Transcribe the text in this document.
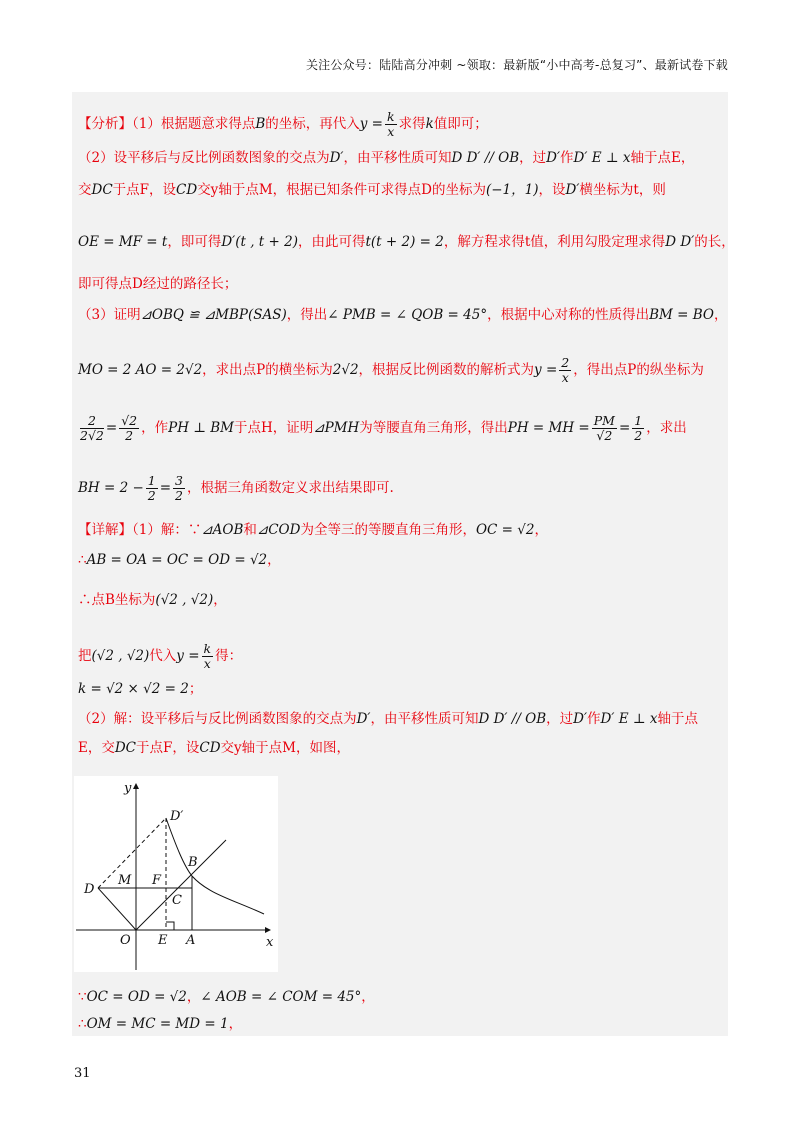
关注公众号：陆陆高分冲刺 ~领取：最新版“小中高考-总复习”、最新试卷下载
【分析】（1）根据题意求得点B的坐标，再代入$y = \frac{k}{x}$ 求得k值即可；
（2）设平移后与反比例函数图象的交点为D′，由平移性质可知D D′ // OB，过D′作D′ E ⊥ x轴于点E，
交DC于点F，设CD交y轴于点M，根据已知条件可求得点D的坐标为(−1，1)，设D′横坐标为t，则
OE = MF = t，即可得D′(t , t + 2)，由此可得t(t + 2) = 2，解方程求得t值，利用勾股定理求得D D′的长，
即可得点D经过的路径长；
（3）证明⊿OBQ ≌ ⊿MBP(SAS)，得出∠ PMB = ∠ QOB = 45°，根据中心对称的性质得出BM = BO，
MO = 2 AO = 2√2，求出点P的横坐标为2√2，根据反比例函数的解析式为$y = \frac{2}{x}$ ，得出点P的纵坐标为
$\frac{2}{2√2} = \frac{√2}{2}$ ，作PH ⊥ BM于点H，证明⊿PMH为等腰直角三角形，得出PH = MH = $\frac{PM}{√2} = \frac{1}{2}$ ，求出
BH = $2 - \frac{1}{2} = \frac{3}{2}$ ，根据三角函数定义求出结果即可.
【详解】（1）解：∵⊿AOB和⊿COD为全等三的等腰直角三角形，OC = √2，
∴AB = OA = OC = OD = √2，
∴点B坐标为(√2 , √2)，
把(√2 , √2)代入$y = \frac{k}{x}$ 得：
k = √2 × √2 = 2；
（2）解：设平移后与反比例函数图象的交点为D′，由平移性质可知D D′ // OB，过D′作D′ E ⊥ x轴于点
E，交DC于点F，设CD交y轴于点M，如图，
y
x
D′
B
D
M F
C
O E A
∵OC = OD = √2，∠ AOB = ∠ COM = 45°，
∴OM = MC = MD = 1，
31
